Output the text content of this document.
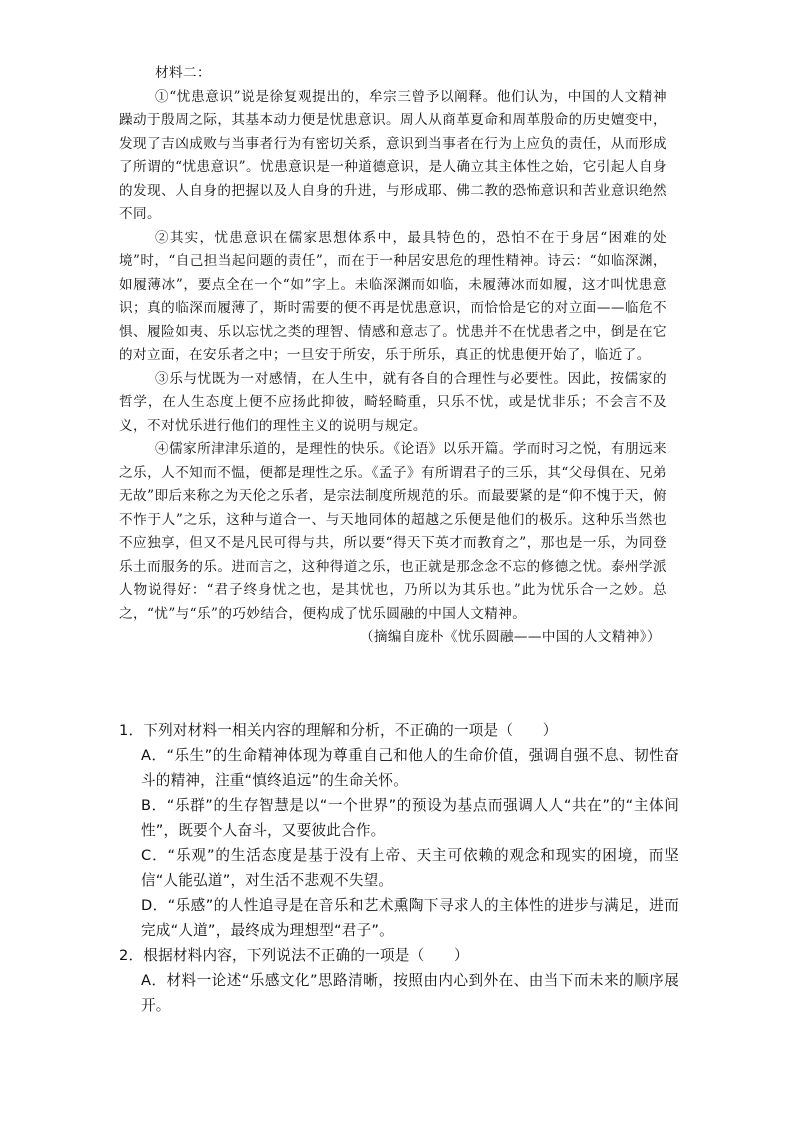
材料二：

①“忧患意识”说是徐复观提出的，牟宗三曾予以阐释。他们认为，中国的人文精神躁动于殷周之际，其基本动力便是忧患意识。周人从商革夏命和周革殷命的历史嬗变中，发现了吉凶成败与当事者行为有密切关系，意识到当事者在行为上应负的责任，从而形成了所谓的“忧患意识”。忧患意识是一种道德意识，是人确立其主体性之始，它引起人自身的发现、人自身的把握以及人自身的升进，与形成耶、佛二教的恐怖意识和苦业意识绝然不同。

②其实，忧患意识在儒家思想体系中，最具特色的，恐怕不在于身居“困难的处境”时，“自己担当起问题的责任”，而在于一种居安思危的理性精神。诗云：“如临深渊，如履薄冰”，要点全在一个“如”字上。未临深渊而如临，未履薄冰而如履，这才叫忧患意识；真的临深而履薄了，斯时需要的便不再是忧患意识，而恰恰是它的对立面——临危不惧、履险如夷、乐以忘忧之类的理智、情感和意志了。忧患并不在忧患者之中，倒是在它的对立面，在安乐者之中；一旦安于所安，乐于所乐，真正的忧患便开始了，临近了。

③乐与忧既为一对感情，在人生中，就有各自的合理性与必要性。因此，按儒家的哲学，在人生态度上便不应扬此抑彼，畸轻畸重，只乐不忧，或是忧非乐；不会言不及义，不对忧乐进行他们的理性主义的说明与规定。

④儒家所津津乐道的，是理性的快乐。《论语》以乐开篇。学而时习之悦，有朋远来之乐，人不知而不愠，便都是理性之乐。《孟子》有所谓君子的三乐，其“父母俱在、兄弟无故”即后来称之为天伦之乐者，是宗法制度所规范的乐。而最要紧的是“仰不愧于天，俯不怍于人”之乐，这种与道合一、与天地同体的超越之乐便是他们的极乐。这种乐当然也不应独享，但又不是凡民可得与共，所以要“得天下英才而教育之”，那也是一乐，为同登乐土而服务的乐。进而言之，这种得道之乐，也正就是那念念不忘的修德之忧。泰州学派人物说得好：“君子终身忧之也，是其忧也，乃所以为其乐也。”此为忧乐合一之妙。总之，“忧”与“乐”的巧妙结合，便构成了忧乐圆融的中国人文精神。

（摘编自庞朴《忧乐圆融——中国的人文精神》）

1．下列对材料一相关内容的理解和分析，不正确的一项是（　　）

A．“乐生”的生命精神体现为尊重自己和他人的生命价值，强调自强不息、韧性奋斗的精神，注重“慎终追远”的生命关怀。

B．“乐群”的生存智慧是以“一个世界”的预设为基点而强调人人“共在”的“主体间性”，既要个人奋斗，又要彼此合作。

C．“乐观”的生活态度是基于没有上帝、天主可依赖的观念和现实的困境，而坚信“人能弘道”，对生活不悲观不失望。

D．“乐感”的人性追寻是在音乐和艺术熏陶下寻求人的主体性的进步与满足，进而完成“人道”，最终成为理想型“君子”。

2．根据材料内容，下列说法不正确的一项是（　　）

A．材料一论述“乐感文化”思路清晰，按照由内心到外在、由当下而未来的顺序展开。
